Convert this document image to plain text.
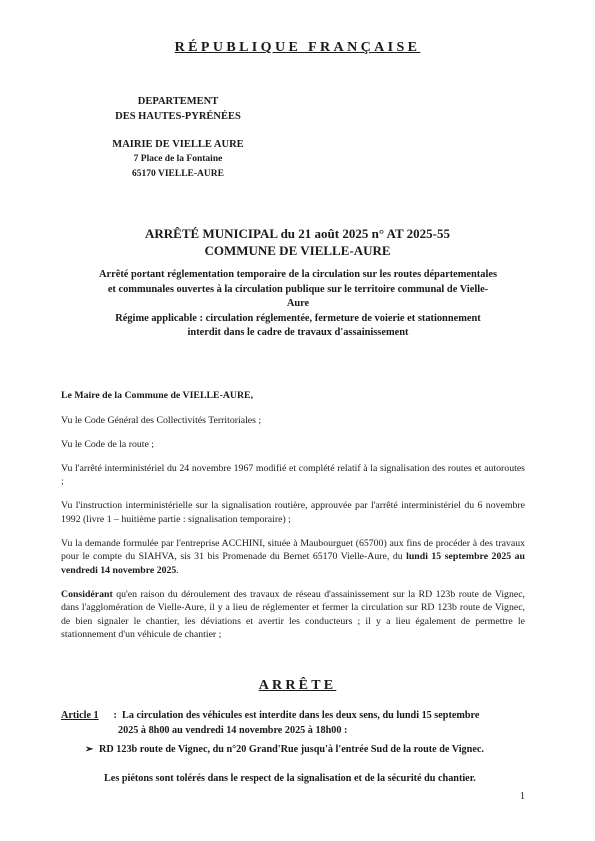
RÉPUBLIQUE FRANÇAISE
DEPARTEMENT
DES HAUTES-PYRÉNÉES
MAIRIE DE VIELLE AURE
7 Place de la Fontaine
65170 VIELLE-AURE
ARRÊTÉ MUNICIPAL du 21 août 2025 n° AT 2025-55
COMMUNE DE VIELLE-AURE
Arrêté portant réglementation temporaire de la circulation sur les routes départementales
et communales ouvertes à la circulation publique sur le territoire communal de Vielle-
Aure
Régime applicable : circulation réglementée, fermeture de voierie et stationnement
interdit dans le cadre de travaux d'assainissement

Le Maire de la Commune de VIELLE-AURE,

Vu le Code Général des Collectivités Territoriales ;

Vu le Code de la route ;

Vu l'arrêté interministériel du 24 novembre 1967 modifié et complété relatif à la signalisation des routes et autoroutes ;

Vu l'instruction interministérielle sur la signalisation routière, approuvée par l'arrêté interministériel du 6 novembre 1992 (livre 1 – huitième partie : signalisation temporaire) ;

Vu la demande formulée par l'entreprise ACCHINI, située à Maubourguet (65700) aux fins de procéder à des travaux pour le compte du SIAHVA, sis 31 bis Promenade du Bernet 65170 Vielle-Aure, du lundi 15 septembre 2025 au vendredi 14 novembre 2025.

Considérant qu'en raison du déroulement des travaux de réseau d'assainissement sur la RD 123b route de Vignec, dans l'agglomération de Vielle-Aure, il y a lieu de réglementer et fermer la circulation sur RD 123b route de Vignec, de bien signaler le chantier, les déviations et avertir les conducteurs ; il y a lieu également de permettre le stationnement d'un véhicule de chantier ;

ARRÊTE
Article 1 : La circulation des véhicules est interdite dans les deux sens, du lundi 15 septembre
2025 à 8h00 au vendredi 14 novembre 2025 à 18h00 :
➢ RD 123b route de Vignec, du n°20 Grand'Rue jusqu'à l'entrée Sud de la route de Vignec.
Les piétons sont tolérés dans le respect de la signalisation et de la sécurité du chantier.
1
